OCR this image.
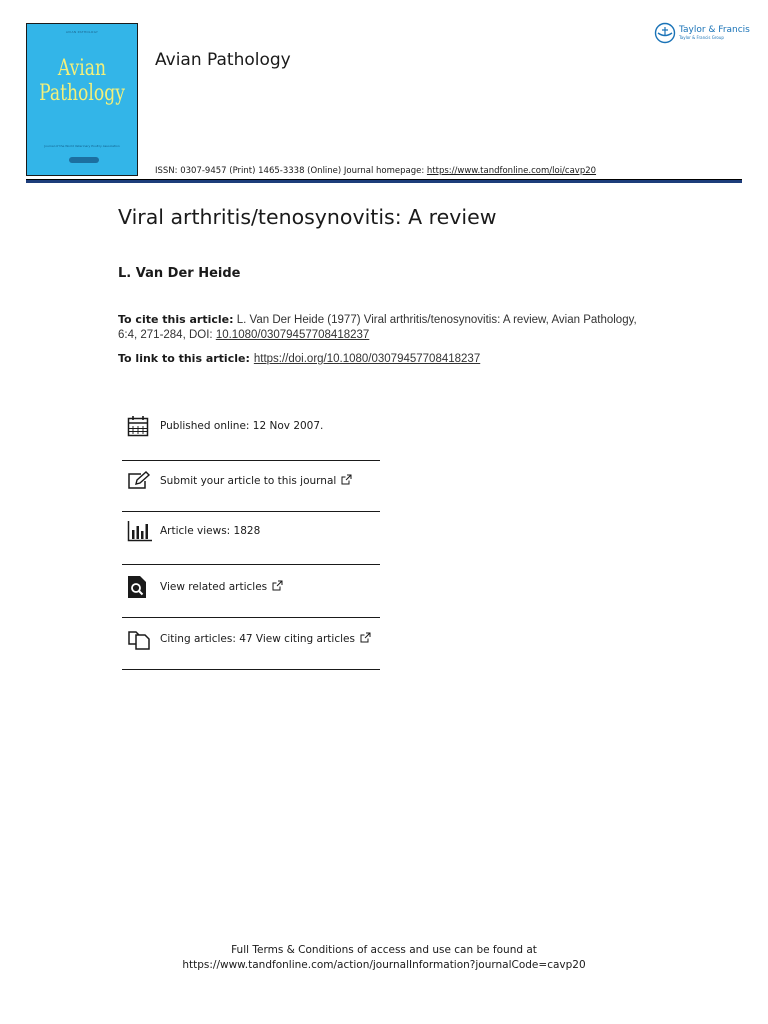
AVIAN PATHOLOGY
Avian
Pathology
Journal of the World Veterinary Poultry Association
Avian Pathology
Taylor & Francis
Taylor & Francis Group
ISSN: 0307-9457 (Print) 1465-3338 (Online) Journal homepage: https://www.tandfonline.com/loi/cavp20
Viral arthritis/tenosynovitis: A review
L. Van Der Heide
To cite this article: L. Van Der Heide (1977) Viral arthritis/tenosynovitis: A review, Avian Pathology, 6:4, 271-284, DOI: 10.1080/03079457708418237
To link to this article: https://doi.org/10.1080/03079457708418237
Published online: 12 Nov 2007.
Submit your article to this journal
Article views: 1828
View related articles
Citing articles: 47 View citing articles
Full Terms & Conditions of access and use can be found at
https://www.tandfonline.com/action/journalInformation?journalCode=cavp20
